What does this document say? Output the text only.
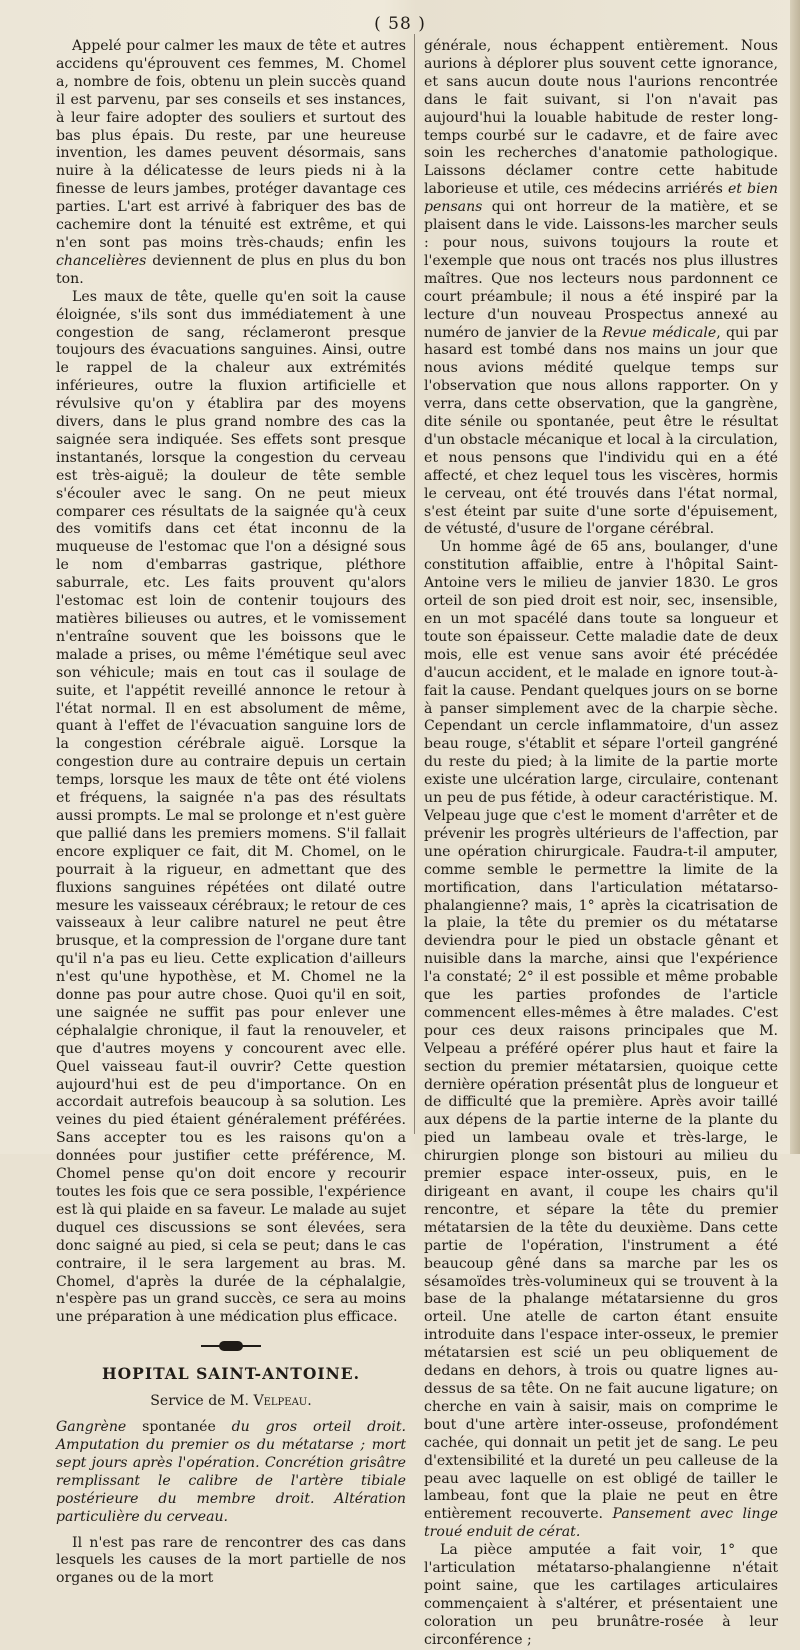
( 58 )

Appelé pour calmer les maux de tête et autres accidens qu'éprouvent ces femmes, M. Chomel a, nombre de fois, obtenu un plein succès quand il est parvenu, par ses conseils et ses instances, à leur faire adopter des souliers et surtout des bas plus épais. Du reste, par une heureuse invention, les dames peuvent désormais, sans nuire à la délicatesse de leurs pieds ni à la finesse de leurs jambes, protéger davantage ces parties. L'art est arrivé à fabriquer des bas de cachemire dont la ténuité est extrême, et qui n'en sont pas moins très-chauds; enfin les chancelières deviennent de plus en plus du bon ton.

Les maux de tête, quelle qu'en soit la cause éloignée, s'ils sont dus immédiatement à une congestion de sang, réclameront presque toujours des évacuations sanguines. Ainsi, outre le rappel de la chaleur aux extrémités inférieures, outre la fluxion artificielle et révulsive qu'on y établira par des moyens divers, dans le plus grand nombre des cas la saignée sera indiquée. Ses effets sont presque instantanés, lorsque la congestion du cerveau est très-aiguë; la douleur de tête semble s'écouler avec le sang. On ne peut mieux comparer ces résultats de la saignée qu'à ceux des vomitifs dans cet état inconnu de la muqueuse de l'estomac que l'on a désigné sous le nom d'embarras gastrique, pléthore saburrale, etc. Les faits prouvent qu'alors l'estomac est loin de contenir toujours des matières bilieuses ou autres, et le vomissement n'entraîne souvent que les boissons que le malade a prises, ou même l'émétique seul avec son véhicule; mais en tout cas il soulage de suite, et l'appétit reveillé annonce le retour à l'état normal. Il en est absolument de même, quant à l'effet de l'évacuation sanguine lors de la congestion cérébrale aiguë. Lorsque la congestion dure au contraire depuis un certain temps, lorsque les maux de tête ont été violens et fréquens, la saignée n'a pas des résultats aussi prompts. Le mal se prolonge et n'est guère que pallié dans les premiers momens. S'il fallait encore expliquer ce fait, dit M. Chomel, on le pourrait à la rigueur, en admettant que des fluxions sanguines répétées ont dilaté outre mesure les vaisseaux cérébraux; le retour de ces vaisseaux à leur calibre naturel ne peut être brusque, et la compression de l'organe dure tant qu'il n'a pas eu lieu. Cette explication d'ailleurs n'est qu'une hypothèse, et M. Chomel ne la donne pas pour autre chose. Quoi qu'il en soit, une saignée ne suffit pas pour enlever une céphalalgie chronique, il faut la renouveler, et que d'autres moyens y concourent avec elle. Quel vaisseau faut-il ouvrir? Cette question aujourd'hui est de peu d'importance. On en accordait autrefois beaucoup à sa solution. Les veines du pied étaient généralement préférées. Sans accepter tou es les raisons qu'on a données pour justifier cette préférence, M. Chomel pense qu'on doit encore y recourir toutes les fois que ce sera possible, l'expérience est là qui plaide en sa faveur. Le malade au sujet duquel ces discussions se sont élevées, sera donc saigné au pied, si cela se peut; dans le cas contraire, il le sera largement au bras. M. Chomel, d'après la durée de la céphalalgie, n'espère pas un grand succès, ce sera au moins une préparation à une médication plus efficace.

HOPITAL SAINT-ANTOINE.
Service de M. Velpeau.

Gangrène spontanée du gros orteil droit. Amputation du premier os du métatarse ; mort sept jours après l'opération. Concrétion grisâtre remplissant le calibre de l'artère tibiale postérieure du membre droit. Altération particulière du cerveau.

Il n'est pas rare de rencontrer des cas dans lesquels les causes de la mort partielle de nos organes ou de la mort

générale, nous échappent entièrement. Nous aurions à déplorer plus souvent cette ignorance, et sans aucun doute nous l'aurions rencontrée dans le fait suivant, si l'on n'avait pas aujourd'hui la louable habitude de rester long-temps courbé sur le cadavre, et de faire avec soin les recherches d'anatomie pathologique. Laissons déclamer contre cette habitude laborieuse et utile, ces médecins arriérés et bien pensans qui ont horreur de la matière, et se plaisent dans le vide. Laissons-les marcher seuls : pour nous, suivons toujours la route et l'exemple que nous ont tracés nos plus illustres maîtres. Que nos lecteurs nous pardonnent ce court préambule; il nous a été inspiré par la lecture d'un nouveau Prospectus annexé au numéro de janvier de la Revue médicale, qui par hasard est tombé dans nos mains un jour que nous avions médité quelque temps sur l'observation que nous allons rapporter. On y verra, dans cette observation, que la gangrène, dite sénile ou spontanée, peut être le résultat d'un obstacle mécanique et local à la circulation, et nous pensons que l'individu qui en a été affecté, et chez lequel tous les viscères, hormis le cerveau, ont été trouvés dans l'état normal, s'est éteint par suite d'une sorte d'épuisement, de vétusté, d'usure de l'organe cérébral.

Un homme âgé de 65 ans, boulanger, d'une constitution affaiblie, entre à l'hôpital Saint-Antoine vers le milieu de janvier 1830. Le gros orteil de son pied droit est noir, sec, insensible, en un mot spacélé dans toute sa longueur et toute son épaisseur. Cette maladie date de deux mois, elle est venue sans avoir été précédée d'aucun accident, et le malade en ignore tout-à-fait la cause. Pendant quelques jours on se borne à panser simplement avec de la charpie sèche. Cependant un cercle inflammatoire, d'un assez beau rouge, s'établit et sépare l'orteil gangréné du reste du pied; à la limite de la partie morte existe une ulcération large, circulaire, contenant un peu de pus fétide, à odeur caractéristique. M. Velpeau juge que c'est le moment d'arrêter et de prévenir les progrès ultérieurs de l'affection, par une opération chirurgicale. Faudra-t-il amputer, comme semble le permettre la limite de la mortification, dans l'articulation métatarso-phalangienne? mais, 1° après la cicatrisation de la plaie, la tête du premier os du métatarse deviendra pour le pied un obstacle gênant et nuisible dans la marche, ainsi que l'expérience l'a constaté; 2° il est possible et même probable que les parties profondes de l'article commencent elles-mêmes à être malades. C'est pour ces deux raisons principales que M. Velpeau a préféré opérer plus haut et faire la section du premier métatarsien, quoique cette dernière opération présentât plus de longueur et de difficulté que la première. Après avoir taillé aux dépens de la partie interne de la plante du pied un lambeau ovale et très-large, le chirurgien plonge son bistouri au milieu du premier espace inter-osseux, puis, en le dirigeant en avant, il coupe les chairs qu'il rencontre, et sépare la tête du premier métatarsien de la tête du deuxième. Dans cette partie de l'opération, l'instrument a été beaucoup gêné dans sa marche par les os sésamoïdes très-volumineux qui se trouvent à la base de la phalange métatarsienne du gros orteil. Une atelle de carton étant ensuite introduite dans l'espace inter-osseux, le premier métatarsien est scié un peu obliquement de dedans en dehors, à trois ou quatre lignes au-dessus de sa tête. On ne fait aucune ligature; on cherche en vain à saisir, mais on comprime le bout d'une artère inter-osseuse, profondément cachée, qui donnait un petit jet de sang. Le peu d'extensibilité et la dureté un peu calleuse de la peau avec laquelle on est obligé de tailler le lambeau, font que la plaie ne peut en être entièrement recouverte. Pansement avec linge troué enduit de cérat.

La pièce amputée a fait voir, 1° que l'articulation métatarso-phalangienne n'était point saine, que les cartilages articulaires commençaient à s'altérer, et présentaient une coloration un peu brunâtre-rosée à leur circonférence ;
